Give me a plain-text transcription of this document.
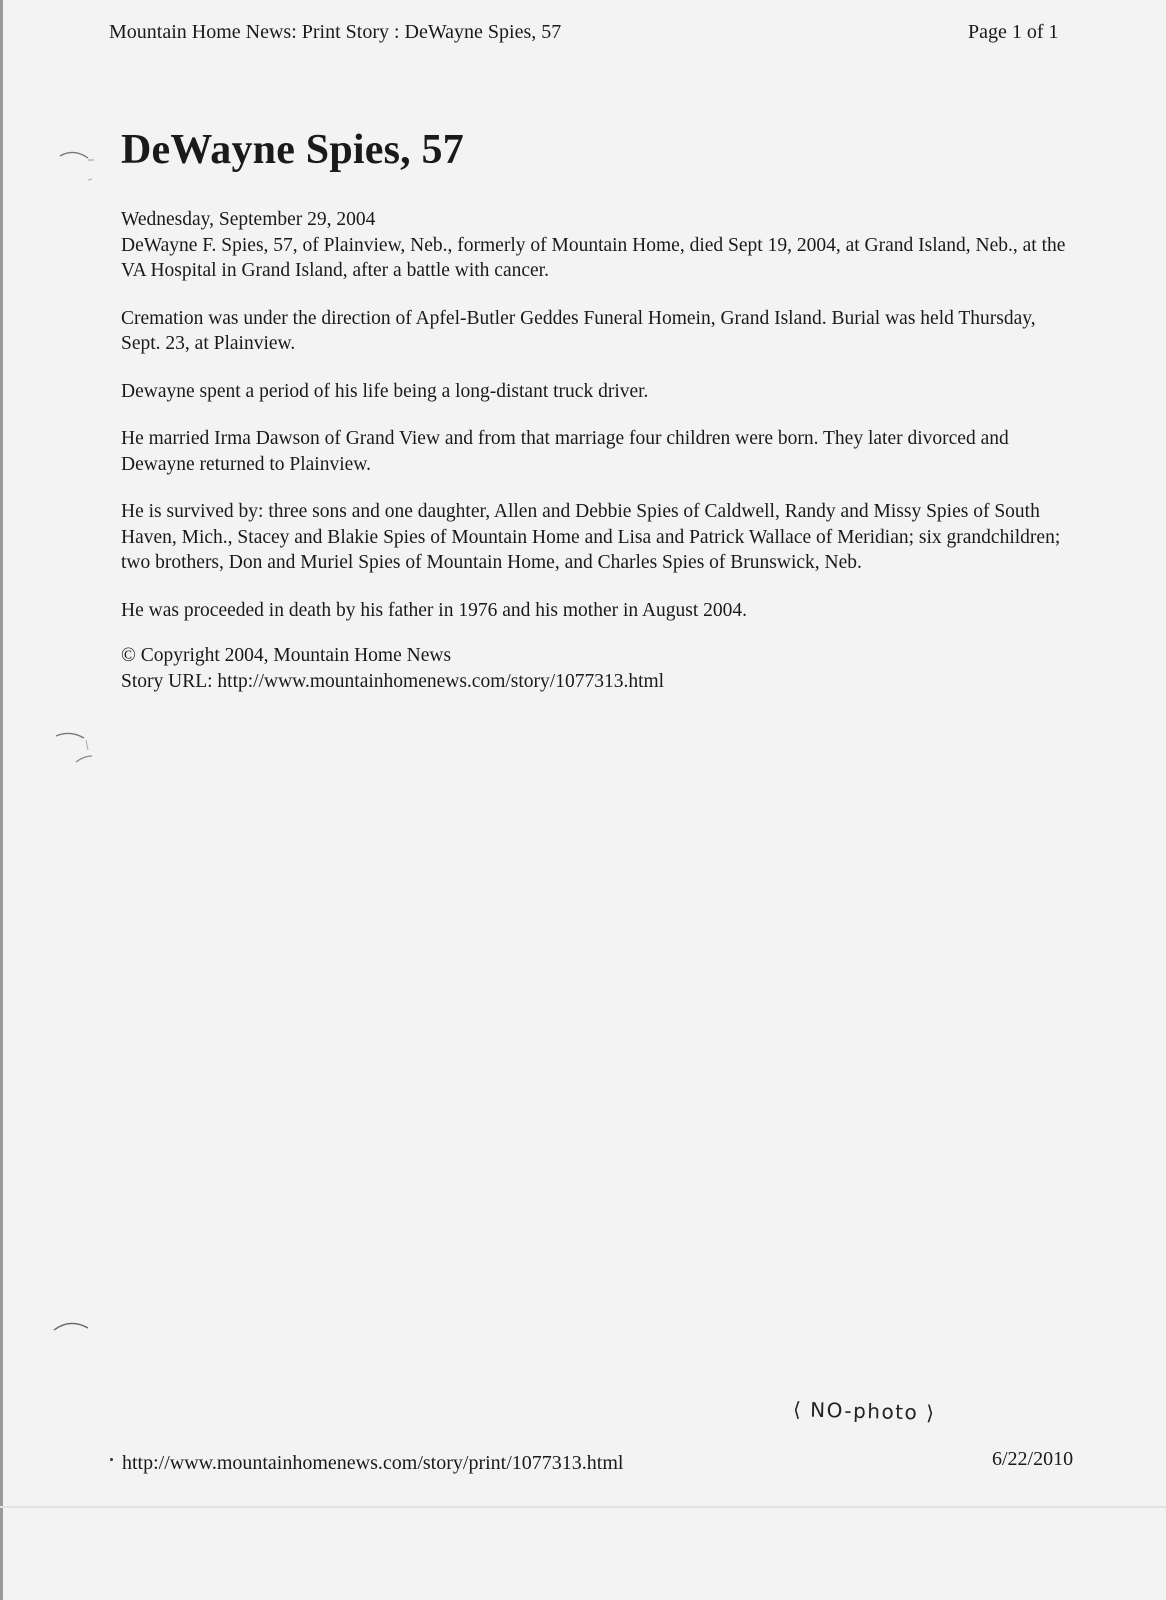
Mountain Home News: Print Story : DeWayne Spies, 57	Page 1 of 1
DeWayne Spies, 57

Wednesday, September 29, 2004
DeWayne F. Spies, 57, of Plainview, Neb., formerly of Mountain Home, died Sept 19, 2004, at Grand Island, Neb., at the VA Hospital in Grand Island, after a battle with cancer.

Cremation was under the direction of Apfel-Butler Geddes Funeral Homein, Grand Island. Burial was held Thursday, Sept. 23, at Plainview.

Dewayne spent a period of his life being a long-distant truck driver.

He married Irma Dawson of Grand View and from that marriage four children were born. They later divorced and Dewayne returned to Plainview.

He is survived by: three sons and one daughter, Allen and Debbie Spies of Caldwell, Randy and Missy Spies of South Haven, Mich., Stacey and Blakie Spies of Mountain Home and Lisa and Patrick Wallace of Meridian; six grandchildren; two brothers, Don and Muriel Spies of Mountain Home, and Charles Spies of Brunswick, Neb.

He was proceeded in death by his father in 1976 and his mother in August 2004.

© Copyright 2004, Mountain Home News
Story URL: http://www.mountainhomenews.com/story/1077313.html
⟨ NO-photo ⟩
http://www.mountainhomenews.com/story/print/1077313.html	6/22/2010
